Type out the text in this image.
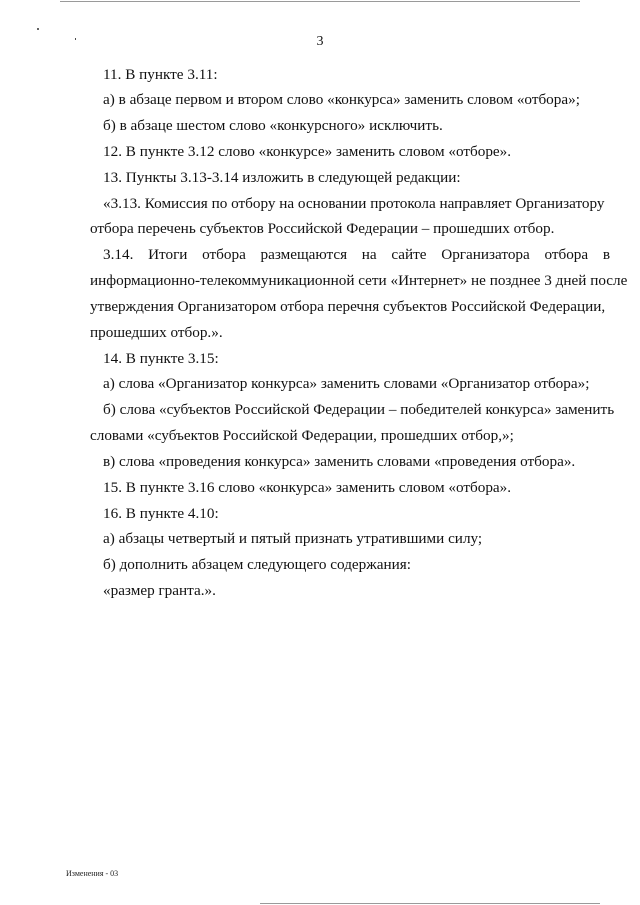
3
11. В пункте 3.11:
а) в абзаце первом и втором слово «конкурса» заменить словом «отбора»;
б) в абзаце шестом слово «конкурсного» исключить.
12. В пункте 3.12 слово «конкурсе» заменить словом «отборе».
13. Пункты 3.13-3.14 изложить в следующей редакции:
«3.13. Комиссия по отбору на основании протокола направляет Организатору
отбора перечень субъектов Российской Федерации – прошедших отбор.
3.14. Итоги отбора размещаются на сайте Организатора отбора в
информационно-телекоммуникационной сети «Интернет» не позднее 3 дней после
утверждения Организатором отбора перечня субъектов Российской Федерации,
прошедших отбор.».
14. В пункте 3.15:
а) слова «Организатор конкурса» заменить словами «Организатор отбора»;
б) слова «субъектов Российской Федерации – победителей конкурса» заменить
словами «субъектов Российской Федерации, прошедших отбор,»;
в) слова «проведения конкурса» заменить словами «проведения отбора».
15. В пункте 3.16 слово «конкурса» заменить словом «отбора».
16. В пункте 4.10:
а) абзацы четвертый и пятый признать утратившими силу;
б) дополнить абзацем следующего содержания:
«размер гранта.».
Изменения - 03
